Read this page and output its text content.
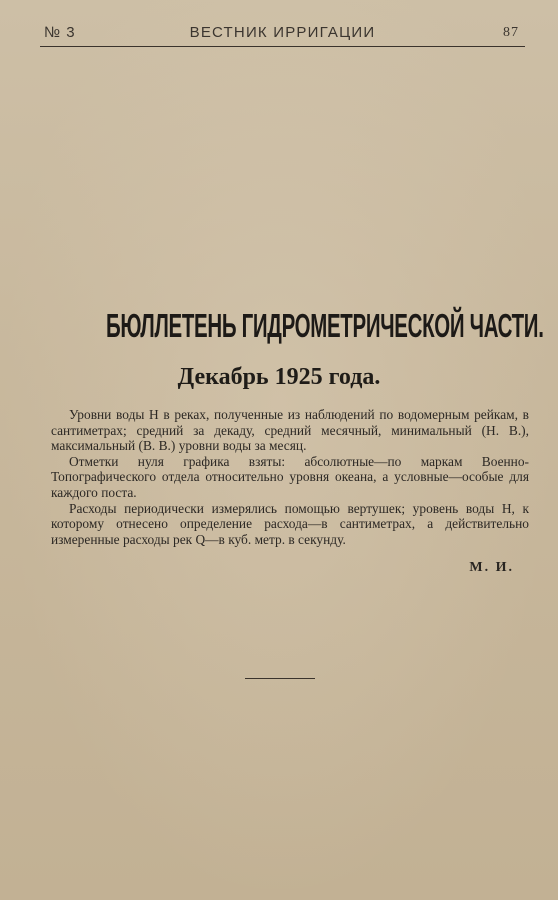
№ 3	ВЕСТНИК ИРРИГАЦИИ	87
БЮЛЛЕТЕНЬ ГИДРОМЕТРИЧЕСКОЙ ЧАСТИ.
Декабрь 1925 года.

Уровни воды Н в реках, полученные из наблюдений по водомерным рейкам, в сантиметрах; средний за декаду, средний месячный, минимальный (Н. В.), максимальный (В. В.) уровни воды за месяц.

Отметки нуля графика взяты: абсолютные—по маркам Военно-Топографического отдела относительно уровня океана, а условные—особые для каждого поста.

Расходы периодически измерялись помощью вертушек; уровень воды Н, к которому отнесено определение расхода—в сантиметрах, а действительно измеренные расходы рек Q—в куб. метр. в секунду.

М. И.
